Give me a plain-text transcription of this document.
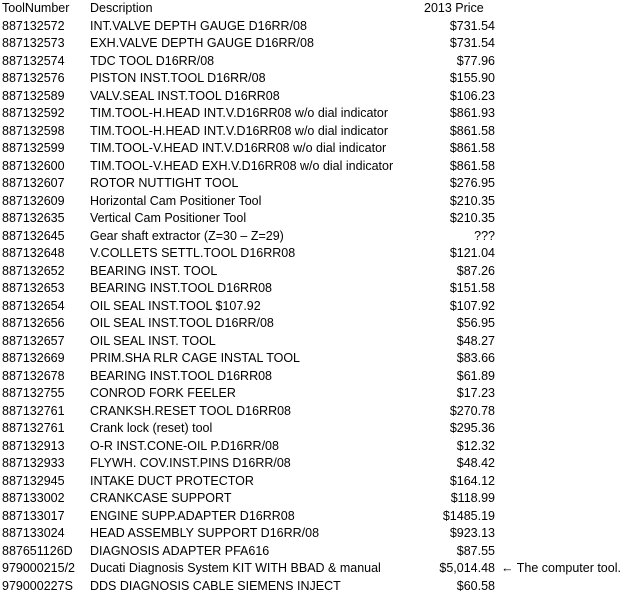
ToolNumber Description	2013 Price
887132572 INT.VALVE DEPTH GAUGE D16RR/08	$731.54
887132573 EXH.VALVE DEPTH GAUGE D16RR/08	$731.54
887132574 TDC TOOL D16RR/08	$77.96
887132576 PISTON INST.TOOL D16RR/08	$155.90
887132589 VALV.SEAL INST.TOOL D16RR08	$106.23
887132592 TIM.TOOL-H.HEAD INT.V.D16RR08 w/o dial indicator	$861.93
887132598 TIM.TOOL-H.HEAD INT.V.D16RR08 w/o dial indicator	$861.58
887132599 TIM.TOOL-V.HEAD INT.V.D16RR08 w/o dial indicator	$861.58
887132600 TIM.TOOL-V.HEAD EXH.V.D16RR08 w/o dial indicator	$861.58
887132607 ROTOR NUTTIGHT TOOL	$276.95
887132609 Horizontal Cam Positioner Tool	$210.35
887132635 Vertical Cam Positioner Tool	$210.35
887132645 Gear shaft extractor (Z=30 – Z=29)	???
887132648 V.COLLETS SETTL.TOOL D16RR08	$121.04
887132652 BEARING INST. TOOL	$87.26
887132653 BEARING INST.TOOL D16RR08	$151.58
887132654 OIL SEAL INST.TOOL $107.92	$107.92
887132656 OIL SEAL INST.TOOL D16RR/08	$56.95
887132657 OIL SEAL INST. TOOL	$48.27
887132669 PRIM.SHA RLR CAGE INSTAL TOOL	$83.66
887132678 BEARING INST.TOOL D16RR08	$61.89
887132755 CONROD FORK FEELER	$17.23
887132761 CRANKSH.RESET TOOL D16RR08	$270.78
887132761 Crank lock (reset) tool	$295.36
887132913 O-R INST.CONE-OIL P.D16RR/08	$12.32
887132933 FLYWH. COV.INST.PINS D16RR/08	$48.42
887132945 INTAKE DUCT PROTECTOR	$164.12
887133002 CRANKCASE SUPPORT	$118.99
887133017 ENGINE SUPP.ADAPTER D16RR08	$1485.19
887133024 HEAD ASSEMBLY SUPPORT D16RR/08	$923.13
887651126D DIAGNOSIS ADAPTER PFA616	$87.55
979000215/2 Ducati Diagnosis System KIT WITH BBAD & manual	$5,014.48 ← The computer tool.
979000227S DDS DIAGNOSIS CABLE SIEMENS INJECT	$60.58
